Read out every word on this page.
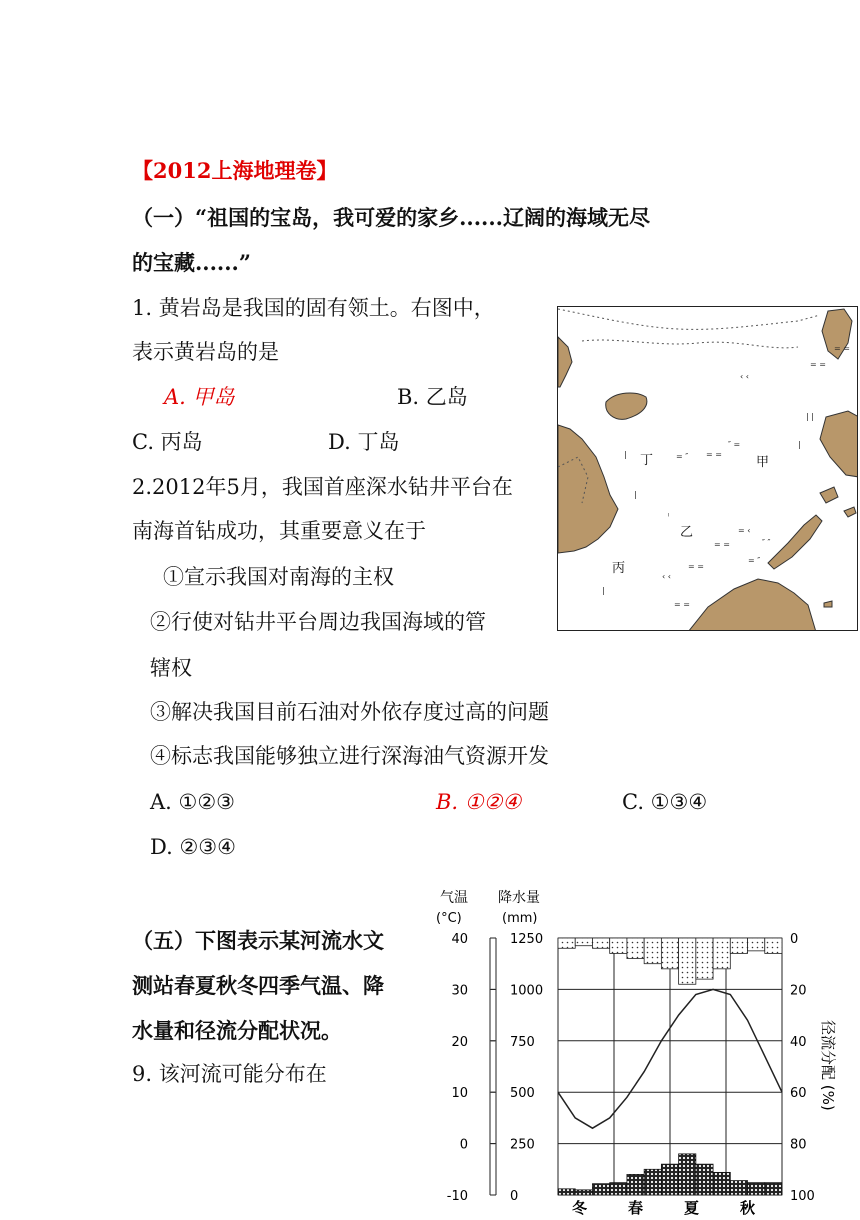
【2012上海地理卷】
（一）“祖国的宝岛，我可爱的家乡......辽阔的海域无尽
的宝藏......”
1. 黄岩岛是我国的固有领土。右图中，
表示黄岩岛的是
A. 甲岛	B. 乙岛
C. 丙岛	D. 丁岛
2.2012年5月，我国首座深水钻井平台在
南海首钻成功，其重要意义在于
①宣示我国对南海的主权
②行使对钻井平台周边我国海域的管
辖权
③解决我国目前石油对外依存度过高的问题
④标志我国能够独立进行深海油气资源开发
A. ①②③	B. ①②④	C. ①③④
D. ②③④
‹ ‹
= =
= =
= ″ = =
″ =
= ‹
= =
= =
= ″
‹ ‹
= =
″ ″
|
|
|
| |
|
ˡ
甲
乙
丙
丁
（五）下图表示某河流水文
测站春夏秋冬四季气温、降
水量和径流分配状况。
9. 该河流可能分布在
40
30
20
10
0
-10
1250
1000
750
500
250
0
0
20
40
60
80
100
气温
(°C)
降水量
(mm)
径流分配 (%)
冬	春	夏	秋
